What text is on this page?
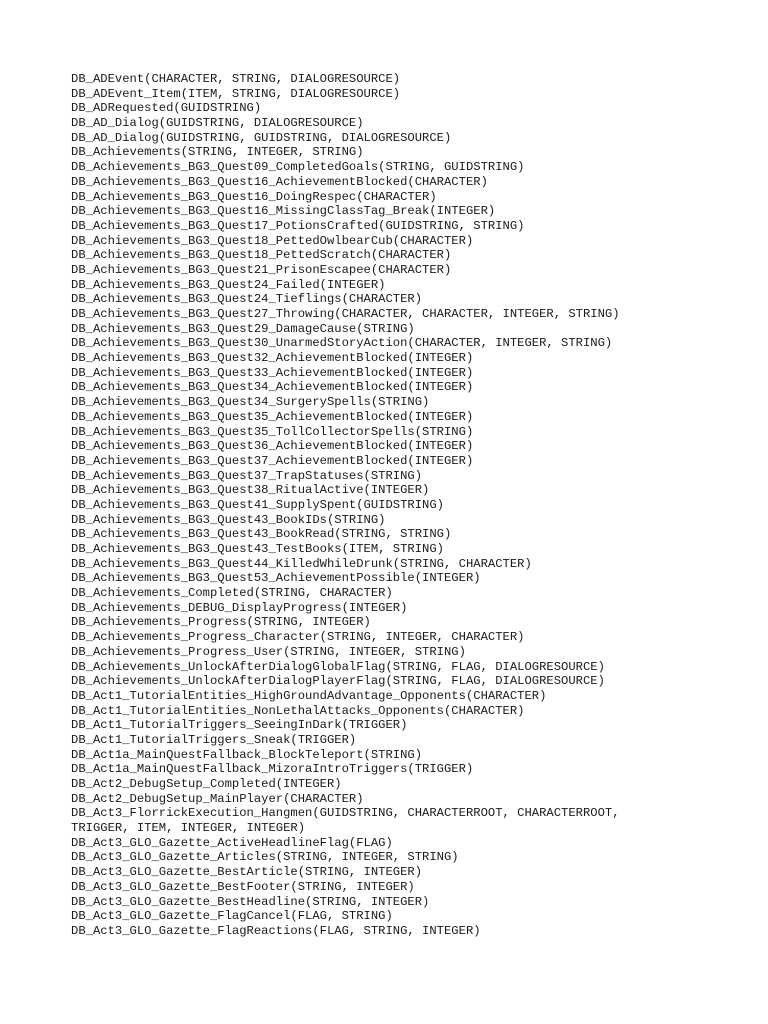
DB_ADEvent(CHARACTER, STRING, DIALOGRESOURCE)
DB_ADEvent_Item(ITEM, STRING, DIALOGRESOURCE)
DB_ADRequested(GUIDSTRING)
DB_AD_Dialog(GUIDSTRING, DIALOGRESOURCE)
DB_AD_Dialog(GUIDSTRING, GUIDSTRING, DIALOGRESOURCE)
DB_Achievements(STRING, INTEGER, STRING)
DB_Achievements_BG3_Quest09_CompletedGoals(STRING, GUIDSTRING)
DB_Achievements_BG3_Quest16_AchievementBlocked(CHARACTER)
DB_Achievements_BG3_Quest16_DoingRespec(CHARACTER)
DB_Achievements_BG3_Quest16_MissingClassTag_Break(INTEGER)
DB_Achievements_BG3_Quest17_PotionsCrafted(GUIDSTRING, STRING)
DB_Achievements_BG3_Quest18_PettedOwlbearCub(CHARACTER)
DB_Achievements_BG3_Quest18_PettedScratch(CHARACTER)
DB_Achievements_BG3_Quest21_PrisonEscapee(CHARACTER)
DB_Achievements_BG3_Quest24_Failed(INTEGER)
DB_Achievements_BG3_Quest24_Tieflings(CHARACTER)
DB_Achievements_BG3_Quest27_Throwing(CHARACTER, CHARACTER, INTEGER, STRING)
DB_Achievements_BG3_Quest29_DamageCause(STRING)
DB_Achievements_BG3_Quest30_UnarmedStoryAction(CHARACTER, INTEGER, STRING)
DB_Achievements_BG3_Quest32_AchievementBlocked(INTEGER)
DB_Achievements_BG3_Quest33_AchievementBlocked(INTEGER)
DB_Achievements_BG3_Quest34_AchievementBlocked(INTEGER)
DB_Achievements_BG3_Quest34_SurgerySpells(STRING)
DB_Achievements_BG3_Quest35_AchievementBlocked(INTEGER)
DB_Achievements_BG3_Quest35_TollCollectorSpells(STRING)
DB_Achievements_BG3_Quest36_AchievementBlocked(INTEGER)
DB_Achievements_BG3_Quest37_AchievementBlocked(INTEGER)
DB_Achievements_BG3_Quest37_TrapStatuses(STRING)
DB_Achievements_BG3_Quest38_RitualActive(INTEGER)
DB_Achievements_BG3_Quest41_SupplySpent(GUIDSTRING)
DB_Achievements_BG3_Quest43_BookIDs(STRING)
DB_Achievements_BG3_Quest43_BookRead(STRING, STRING)
DB_Achievements_BG3_Quest43_TestBooks(ITEM, STRING)
DB_Achievements_BG3_Quest44_KilledWhileDrunk(STRING, CHARACTER)
DB_Achievements_BG3_Quest53_AchievementPossible(INTEGER)
DB_Achievements_Completed(STRING, CHARACTER)
DB_Achievements_DEBUG_DisplayProgress(INTEGER)
DB_Achievements_Progress(STRING, INTEGER)
DB_Achievements_Progress_Character(STRING, INTEGER, CHARACTER)
DB_Achievements_Progress_User(STRING, INTEGER, STRING)
DB_Achievements_UnlockAfterDialogGlobalFlag(STRING, FLAG, DIALOGRESOURCE)
DB_Achievements_UnlockAfterDialogPlayerFlag(STRING, FLAG, DIALOGRESOURCE)
DB_Act1_TutorialEntities_HighGroundAdvantage_Opponents(CHARACTER)
DB_Act1_TutorialEntities_NonLethalAttacks_Opponents(CHARACTER)
DB_Act1_TutorialTriggers_SeeingInDark(TRIGGER)
DB_Act1_TutorialTriggers_Sneak(TRIGGER)
DB_Act1a_MainQuestFallback_BlockTeleport(STRING)
DB_Act1a_MainQuestFallback_MizoraIntroTriggers(TRIGGER)
DB_Act2_DebugSetup_Completed(INTEGER)
DB_Act2_DebugSetup_MainPlayer(CHARACTER)
DB_Act3_FlorrickExecution_Hangmen(GUIDSTRING, CHARACTERROOT, CHARACTERROOT,
TRIGGER, ITEM, INTEGER, INTEGER)
DB_Act3_GLO_Gazette_ActiveHeadlineFlag(FLAG)
DB_Act3_GLO_Gazette_Articles(STRING, INTEGER, STRING)
DB_Act3_GLO_Gazette_BestArticle(STRING, INTEGER)
DB_Act3_GLO_Gazette_BestFooter(STRING, INTEGER)
DB_Act3_GLO_Gazette_BestHeadline(STRING, INTEGER)
DB_Act3_GLO_Gazette_FlagCancel(FLAG, STRING)
DB_Act3_GLO_Gazette_FlagReactions(FLAG, STRING, INTEGER)
